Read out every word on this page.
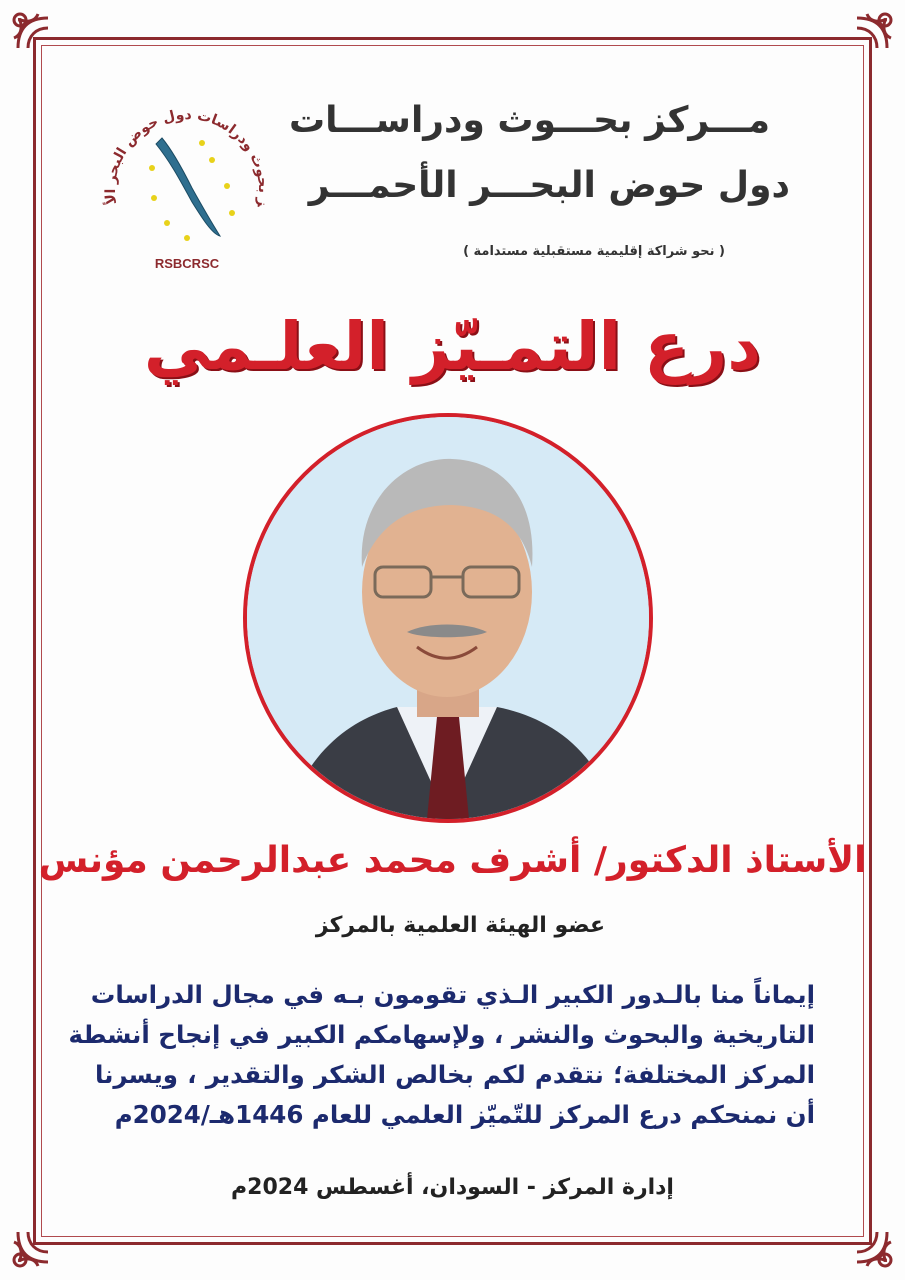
ز بحوث ودراسات دول حوض البحر الأحمر
RSBCRSC
مـــركز بحـــوث ودراســـات
دول حوض البحـــر الأحمـــر
( نحو شراكة إقليمية مستقبلية مستدامة )
درع التمـيّز العلـمي
الأستاذ الدكتور/ أشرف محمد عبدالرحمن مؤنس
عضو الهيئة العلمية بالمركز
إيماناً منا بالـدور الكبير الـذي تقومون بـه في مجال الدراسات
التاريخية والبحوث والنشر ، ولإسهامكم الكبير في إنجاح أنشطة
المركز المختلفة؛ نتقدم لكم بخالص الشكر والتقدير ، ويسرنا
أن نمنحكم درع المركز للتّميّز العلمي للعام 1446هـ/2024م
إدارة المركز - السودان، أغسطس 2024م
